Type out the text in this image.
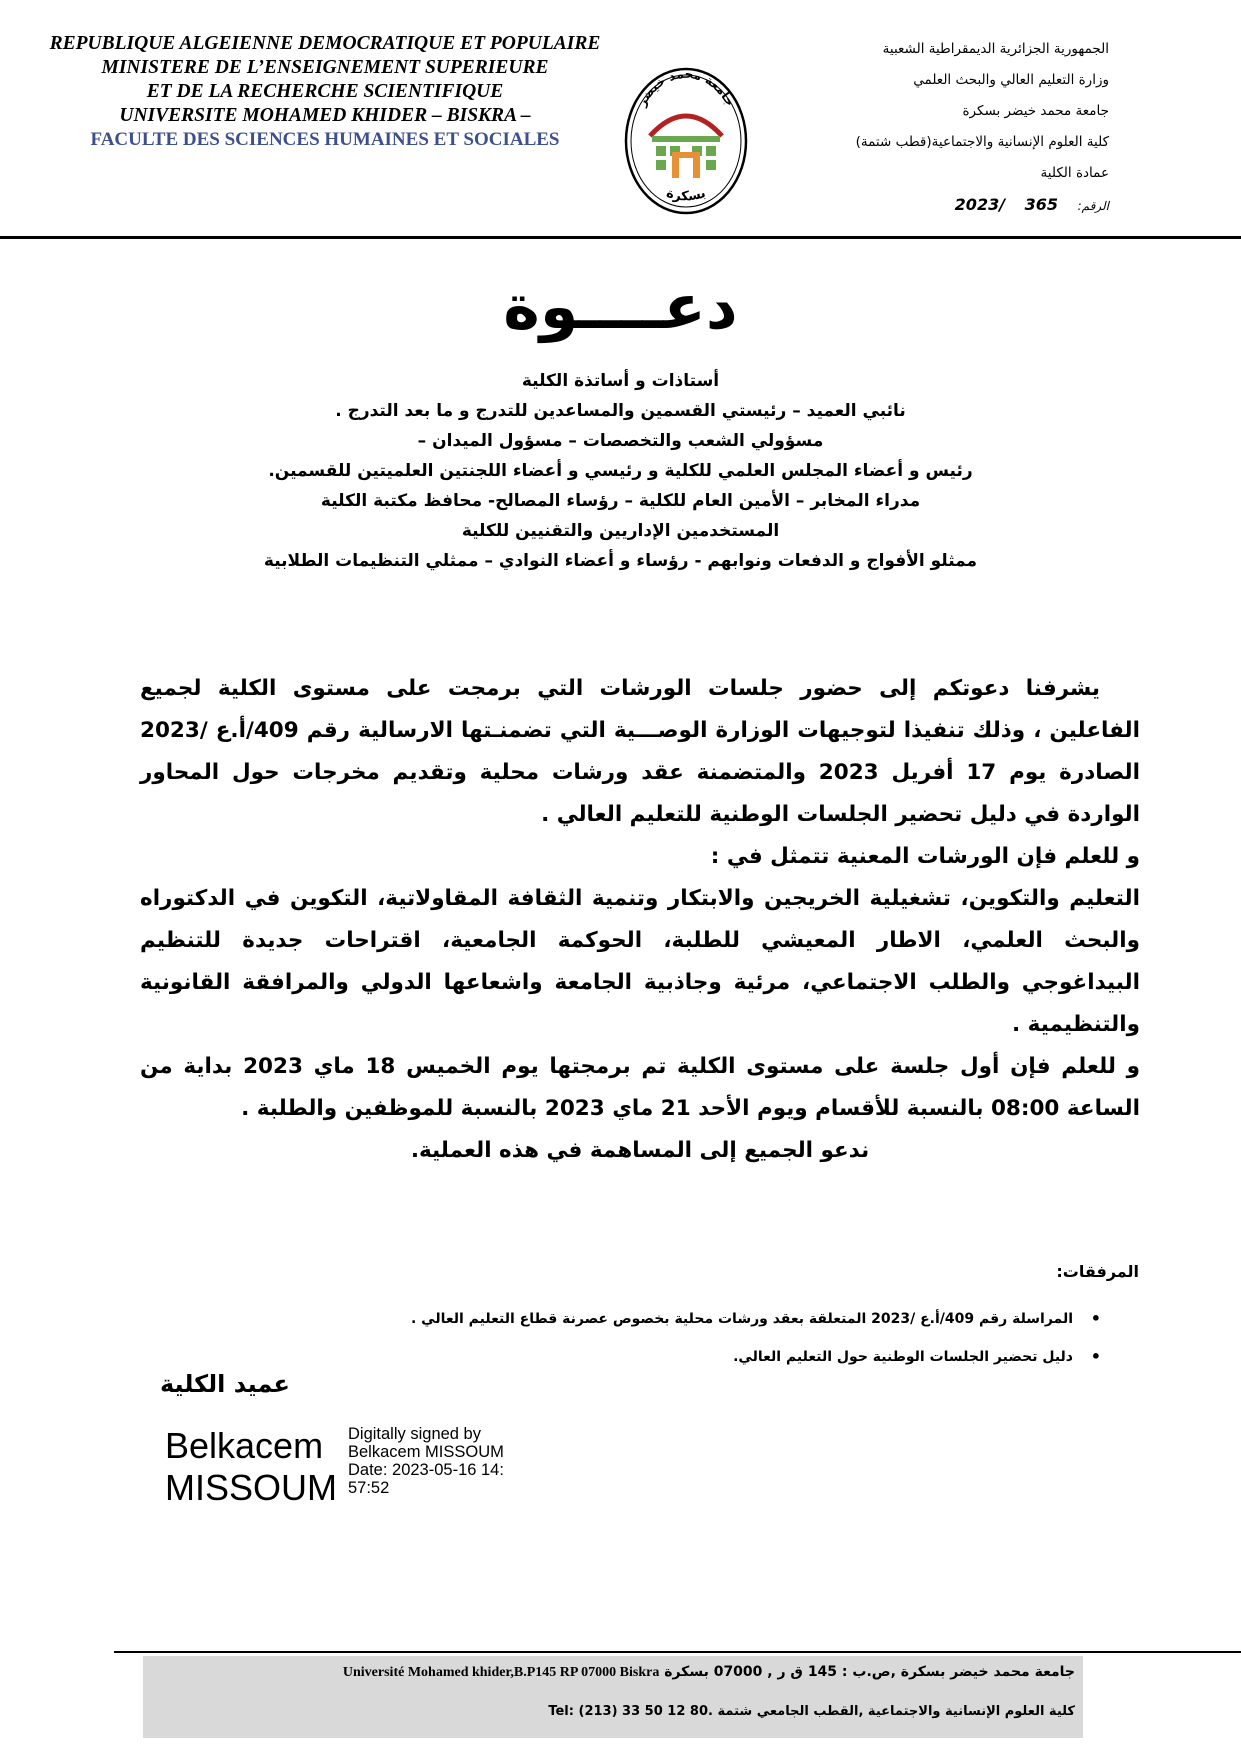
REPUBLIQUE ALGEIENNE DEMOCRATIQUE ET POPULAIRE
MINISTERE DE L’ENSEIGNEMENT SUPERIEURE
ET DE LA RECHERCHE SCIENTIFIQUE
UNIVERSITE MOHAMED KHIDER – BISKRA –
FACULTE DES SCIENCES HUMAINES ET SOCIALES
جامعة محمد خيضر
بسكرة
الجمهورية الجزائرية الديمقراطية الشعبية
وزارة التعليم العالي والبحث العلمي
جامعة محمد خيضر بسكرة
كلية العلوم الإنسانية والاجتماعية(قطب شتمة)
عمادة الكلية
الرقم: 365 2023/
دعــــوة
أستاذات و أساتذة الكلية
نائبي العميد – رئيستي القسمين والمساعدين للتدرج و ما بعد التدرج .
مسؤولي الشعب والتخصصات – مسؤول الميدان –
رئيس و أعضاء المجلس العلمي للكلية و رئيسي و أعضاء اللجنتين العلميتين للقسمين.
مدراء المخابر – الأمين العام للكلية – رؤساء المصالح- محافظ مكتبة الكلية
المستخدمين الإداريين والتقنيين للكلية
ممثلو الأفواج و الدفعات ونوابهم - رؤساء و أعضاء النوادي – ممثلي التنظيمات الطلابية

يشرفنا دعوتكم إلى حضور جلسات الورشات التي برمجت على مستوى الكلية لجميع الفاعلين ، وذلك تنفيذا لتوجيهات الوزارة الوصـــية التي تضمنـتها الارسالية رقم 409/أ.ع /2023 الصادرة يوم 17 أفريل 2023 والمتضمنة عقد ورشات محلية وتقديم مخرجات حول المحاور الواردة في دليل تحضير الجلسات الوطنية للتعليم العالي .

و للعلم فإن الورشات المعنية تتمثل في :

التعليم والتكوين، تشغيلية الخريجين والابتكار وتنمية الثقافة المقاولاتية، التكوين في الدكتوراه والبحث العلمي، الاطار المعيشي للطلبة، الحوكمة الجامعية، اقتراحات جديدة للتنظيم البيداغوجي والطلب الاجتماعي، مرئية وجاذبية الجامعة واشعاعها الدولي والمرافقة القانونية والتنظيمية .

و للعلم فإن أول جلسة على مستوى الكلية تم برمجتها يوم الخميس 18 ماي 2023 بداية من الساعة 08:00 بالنسبة للأقسام ويوم الأحد 21 ماي 2023 بالنسبة للموظفين والطلبة .

ندعو الجميع إلى المساهمة في هذه العملية.

المرفقات:
• المراسلة رقم 409/أ.ع /2023 المتعلقة بعقد ورشات محلية بخصوص عصرنة قطاع التعليم العالي .
• دليل تحضير الجلسات الوطنية حول التعليم العالي.
عميد الكلية
Belkacem
MISSOUM
Digitally signed by
Belkacem MISSOUM
Date: 2023-05-16 14:
57:52
جامعة محمد خيضر بسكرة ,ص.ب : 145 ق ر , 07000 بسكرة Université Mohamed khider,B.P145 RP 07000 Biskra
كلية العلوم الإنسانية والاجتماعية ,القطب الجامعي شتمة .80 12 50 33 (213) :Tel
